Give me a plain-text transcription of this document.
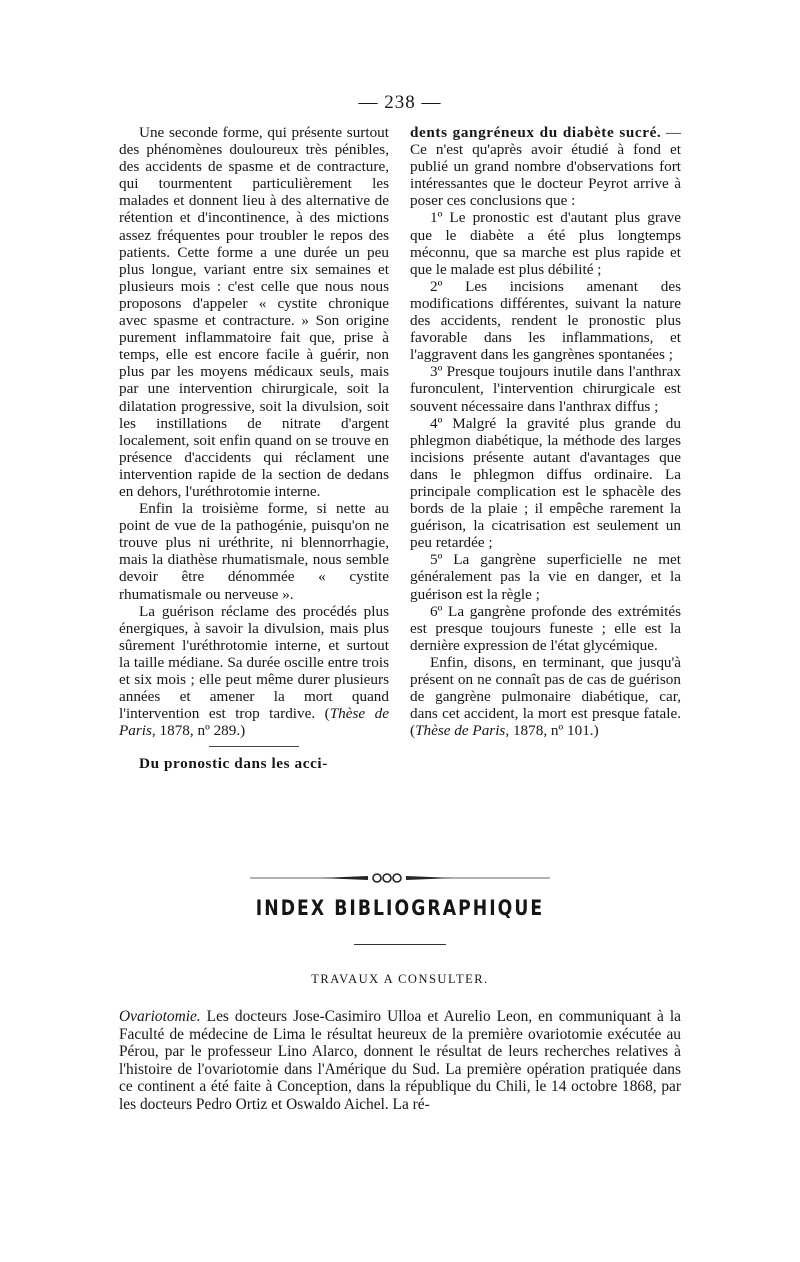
— 238 —

Une seconde forme, qui présente surtout des phénomènes douloureux très pénibles, des accidents de spasme et de contracture, qui tourmentent particulièrement les malades et donnent lieu à des alternative de rétention et d'incontinence, à des mictions assez fréquentes pour troubler le repos des patients. Cette forme a une durée un peu plus longue, variant entre six semaines et plusieurs mois : c'est celle que nous nous proposons d'appeler « cystite chronique avec spasme et contracture. » Son origine purement inflammatoire fait que, prise à temps, elle est encore facile à guérir, non plus par les moyens médicaux seuls, mais par une intervention chirurgicale, soit la dilatation progressive, soit la divulsion, soit les instillations de nitrate d'argent localement, soit enfin quand on se trouve en présence d'accidents qui réclament une intervention rapide de la section de dedans en dehors, l'uréthrotomie interne.

Enfin la troisième forme, si nette au point de vue de la pathogénie, puisqu'on ne trouve plus ni uréthrite, ni blennorrhagie, mais la diathèse rhumatismale, nous semble devoir être dénommée « cystite rhumatismale ou nerveuse ».

La guérison réclame des procédés plus énergiques, à savoir la divulsion, mais plus sûrement l'uréthrotomie interne, et surtout la taille médiane. Sa durée oscille entre trois et six mois ; elle peut même durer plusieurs années et amener la mort quand l'intervention est trop tardive. (Thèse de Paris, 1878, nº 289.)

Du pronostic dans les acci-

dents gangréneux du diabète sucré. — Ce n'est qu'après avoir étudié à fond et publié un grand nombre d'observations fort intéressantes que le docteur Peyrot arrive à poser ces conclusions que :

1º Le pronostic est d'autant plus grave que le diabète a été plus longtemps méconnu, que sa marche est plus rapide et que le malade est plus débilité ;

2º Les incisions amenant des modifications différentes, suivant la nature des accidents, rendent le pronostic plus favorable dans les inflammations, et l'aggravent dans les gangrènes spontanées ;

3º Presque toujours inutile dans l'anthrax furonculent, l'intervention chirurgicale est souvent nécessaire dans l'anthrax diffus ;

4º Malgré la gravité plus grande du phlegmon diabétique, la méthode des larges incisions présente autant d'avantages que dans le phlegmon diffus ordinaire. La principale complication est le sphacèle des bords de la plaie ; il empêche rarement la guérison, la cicatrisation est seulement un peu retardée ;

5º La gangrène superficielle ne met généralement pas la vie en danger, et la guérison est la règle ;

6º La gangrène profonde des extrémités est presque toujours funeste ; elle est la dernière expression de l'état glycémique.

Enfin, disons, en terminant, que jusqu'à présent on ne connaît pas de cas de guérison de gangrène pulmonaire diabétique, car, dans cet accident, la mort est presque fatale. (Thèse de Paris, 1878, nº 101.)

INDEX BIBLIOGRAPHIQUE
TRAVAUX A CONSULTER.
Ovariotomie. Les docteurs Jose-Casimiro Ulloa et Aurelio Leon, en communiquant à la Faculté de médecine de Lima le résultat heureux de la première ovariotomie exécutée au Pérou, par le professeur Lino Alarco, donnent le résultat de leurs recherches relatives à l'histoire de l'ovariotomie dans l'Amérique du Sud. La première opération pratiquée dans ce continent a été faite à Conception, dans la république du Chili, le 14 octobre 1868, par les docteurs Pedro Ortiz et Oswaldo Aichel. La ré-
